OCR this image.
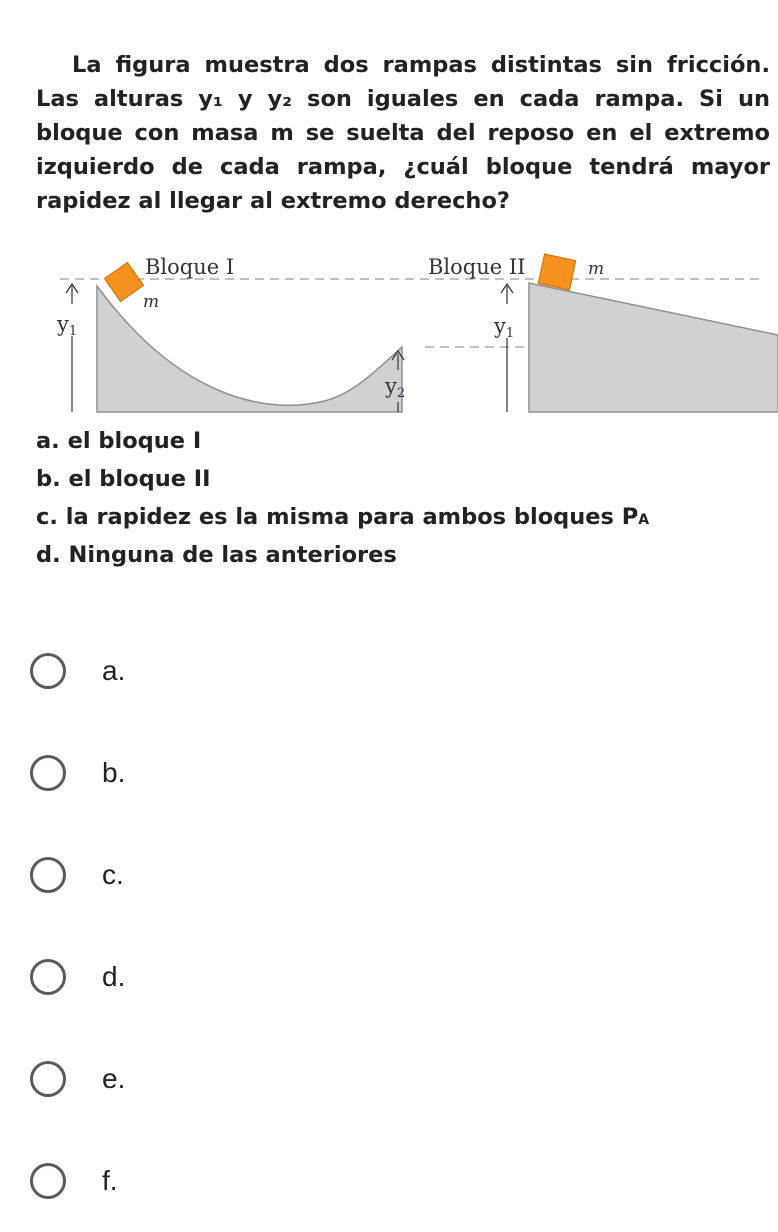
La figura muestra dos rampas distintas sin fricción. Las alturas y₁ y y₂ son iguales en cada rampa. Si un bloque con masa m se suelta del reposo en el extremo izquierdo de cada rampa, ¿cuál bloque tendrá mayor rapidez al llegar al extremo derecho?

Bloque I	Bloque II
m
m
y1	y1
y2
a. el bloque I
b. el bloque II
c. la rapidez es la misma para ambos bloques PA
d. Ninguna de las anteriores
a.
b.
c.
d.
e.
f.
